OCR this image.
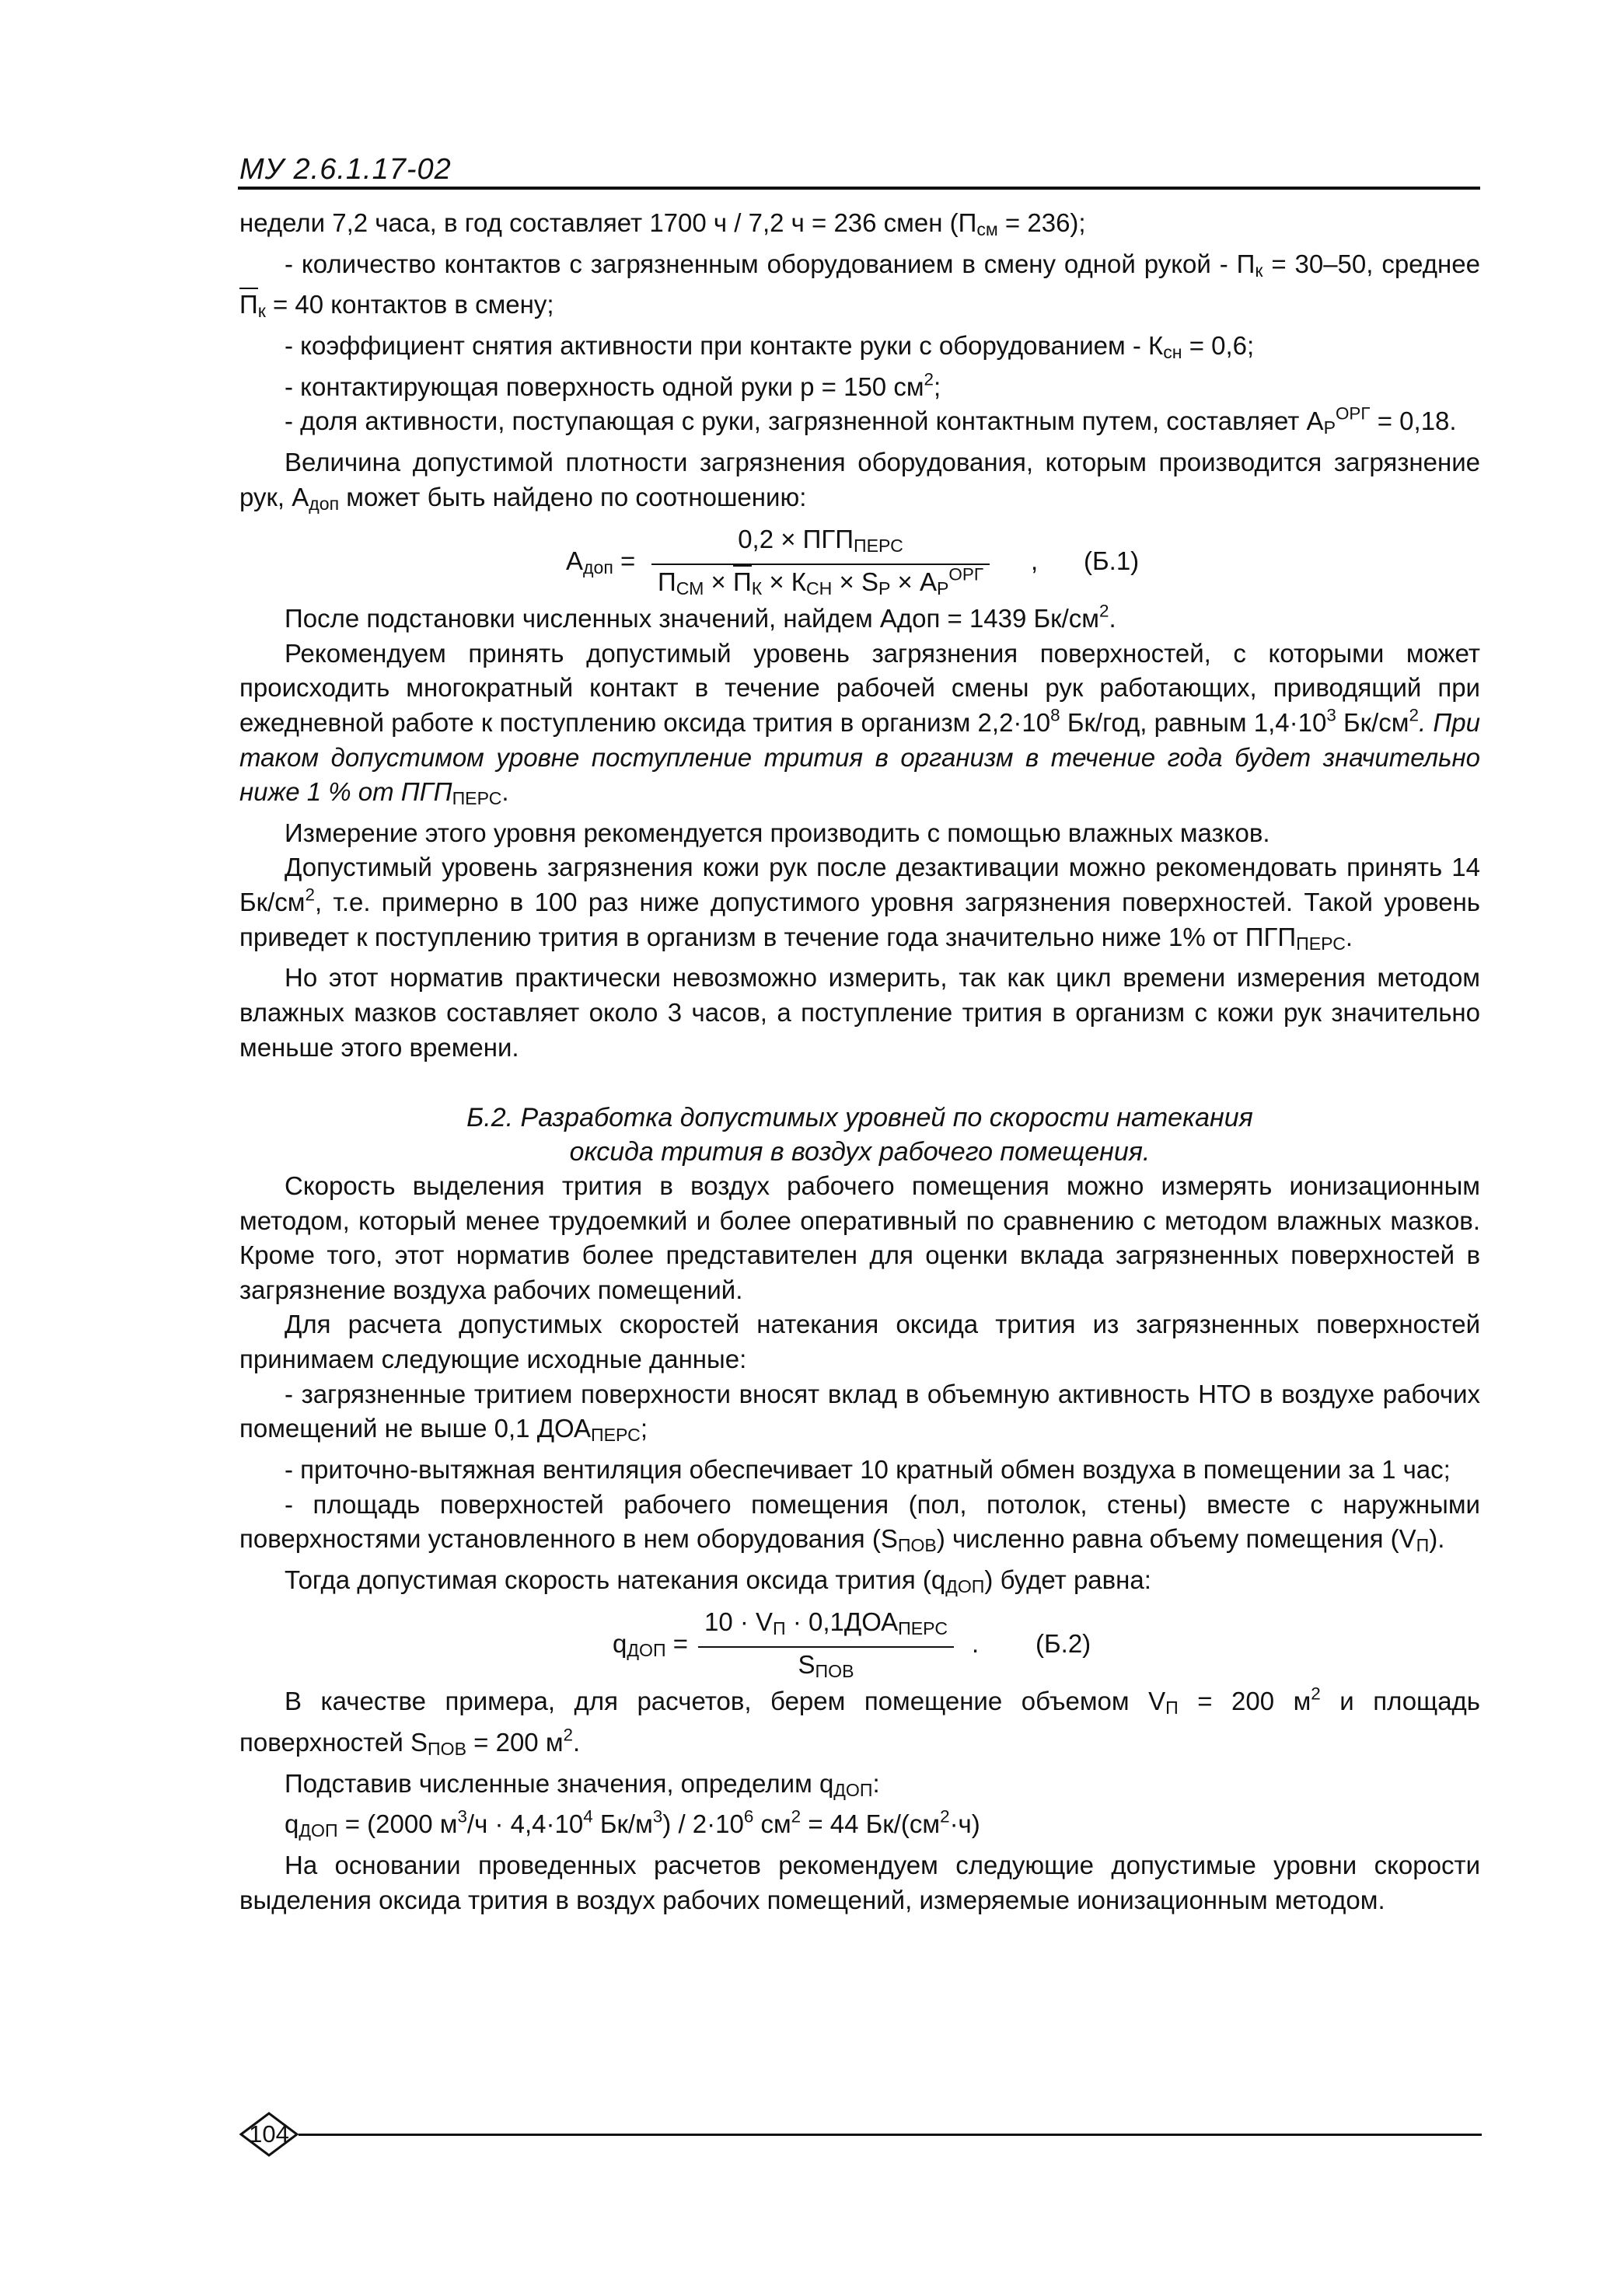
МУ 2.6.1.17-02

недели 7,2 часа, в год составляет 1700 ч / 7,2 ч = 236 смен $(П_{см} = 236)$;

- количество контактов с загрязненным оборудованием в смену одной рукой - $П_к = 30-50$, среднее $П_к = 40$ контактов в смену;

- коэффициент снятия активности при контакте руки с оборудованием - $К_{сн} = 0,6$;

- контактирующая поверхность одной руки р = 150 $см^2$;

- доля активности, поступающая с руки, загрязненной контактным путем, составляет $А_Р^{ОРГ} = 0,18$.

Величина допустимой плотности загрязнения оборудования, которым производится загрязнение рук, $А_{доп}$ может быть найдено по соотношению:

$А_{доп}$ =
$0,2 \times ПГП_{ПЕРС}$
$П_{СМ} \times П_К \times К_{СН} \times S_Р \times А_Р^{ОРГ}$ , (Б.1)

После подстановки численных значений, найдем Адоп = 1439 $Бк/см^2$.

Рекомендуем принять допустимый уровень загрязнения поверхностей, с которыми может происходить многократный контакт в течение рабочей смены рук работающих, приводящий при ежедневной работе к поступлению оксида трития в организм $2,2\cdot 10^8$ Бк/год, равным $1,4\cdot 10^3$ $Бк/см^2$. При таком допустимом уровне поступление трития в организм в течение года будет значительно ниже 1 % от $ПГП_{ПЕРС}$.

Измерение этого уровня рекомендуется производить с помощью влажных мазков.

Допустимый уровень загрязнения кожи рук после дезактивации можно рекомендовать принять 14 $Бк/см^2$, т.е. примерно в 100 раз ниже допустимого уровня загрязнения поверхностей. Такой уровень приведет к поступлению трития в организм в течение года значительно ниже 1% от $ПГП_{ПЕРС}$.

Но этот норматив практически невозможно измерить, так как цикл времени измерения методом влажных мазков составляет около 3 часов, а поступление трития в организм с кожи рук значительно меньше этого времени.

Б.2. Разработка допустимых уровней по скорости натекания
оксида трития в воздух рабочего помещения.

Скорость выделения трития в воздух рабочего помещения можно измерять ионизационным методом, который менее трудоемкий и более оперативный по сравнению с методом влажных мазков. Кроме того, этот норматив более представителен для оценки вклада загрязненных поверхностей в загрязнение воздуха рабочих помещений.

Для расчета допустимых скоростей натекания оксида трития из загрязненных поверхностей принимаем следующие исходные данные:

- загрязненные тритием поверхности вносят вклад в объемную активность НТО в воздухе рабочих помещений не выше 0,1 $ДОА_{ПЕРС}$;

- приточно-вытяжная вентиляция обеспечивает 10 кратный обмен воздуха в помещении за 1 час;

- площадь поверхностей рабочего помещения (пол, потолок, стены) вместе с наружными поверхностями установленного в нем оборудования $(S_{ПОВ})$ численно равна объему помещения $(V_П)$.

Тогда допустимая скорость натекания оксида трития $(q_{ДОП})$ будет равна:

$q_{ДОП}$ =
$10 \cdot V_П \cdot 0,1ДОА_{ПЕРС}$
$S_{ПОВ}$
. (Б.2)

В качестве примера, для расчетов, берем помещение объемом $V_П = 200$ $м^2$ и площадь поверхностей $S_{ПОВ} = 200$ $м^2$.

Подставив численные значения, определим $q_{ДОП}$:

$q_{ДОП} = (2000$ $м^3/ч \cdot 4,4\cdot 10^4$ $Бк/м^3) / 2\cdot 10^6$ $см^2 = 44$ $Бк/(см^2\cdot ч)$

На основании проведенных расчетов рекомендуем следующие допустимые уровни скорости выделения оксида трития в воздух рабочих помещений, измеряемые ионизационным методом.

104
